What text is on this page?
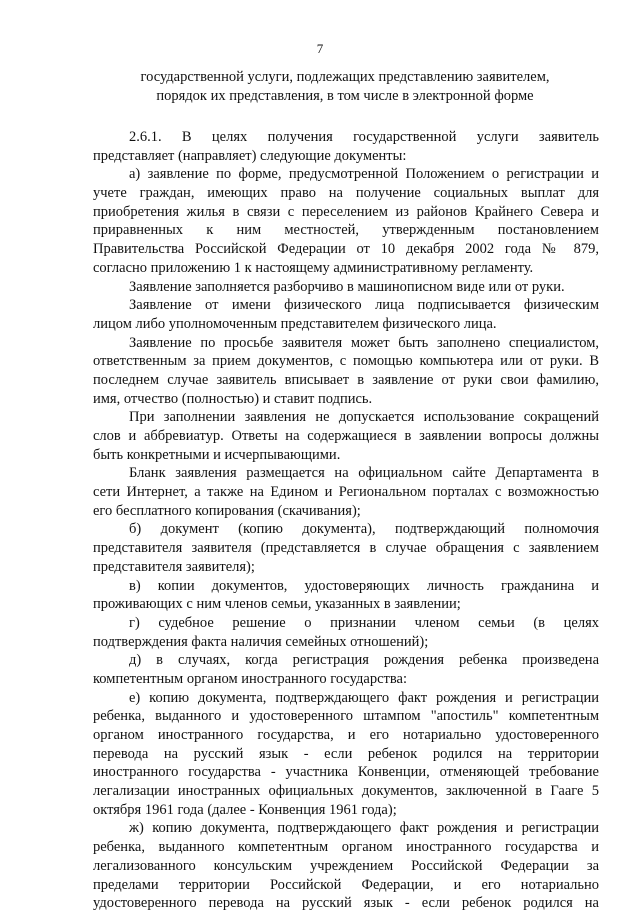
7
государственной услуги, подлежащих представлению заявителем,
порядок их представления, в том числе в электронной форме
2.6.1. В целях получения государственной услуги заявитель
представляет (направляет) следующие документы:
а) заявление по форме, предусмотренной Положением о регистрации и
учете граждан, имеющих право на получение социальных выплат для
приобретения жилья в связи с переселением из районов Крайнего Севера и
приравненных к ним местностей, утвержденным постановлением
Правительства Российской Федерации от 10 декабря 2002 года № 879,
согласно приложению 1 к настоящему административному регламенту.
Заявление заполняется разборчиво в машинописном виде или от руки.
Заявление от имени физического лица подписывается физическим
лицом либо уполномоченным представителем физического лица.
Заявление по просьбе заявителя может быть заполнено специалистом,
ответственным за прием документов, с помощью компьютера или от руки. В
последнем случае заявитель вписывает в заявление от руки свои фамилию,
имя, отчество (полностью) и ставит подпись.
При заполнении заявления не допускается использование сокращений
слов и аббревиатур. Ответы на содержащиеся в заявлении вопросы должны
быть конкретными и исчерпывающими.
Бланк заявления размещается на официальном сайте Департамента в
сети Интернет, а также на Едином и Региональном порталах с возможностью
его бесплатного копирования (скачивания);
б) документ (копию документа), подтверждающий полномочия
представителя заявителя (представляется в случае обращения с заявлением
представителя заявителя);
в) копии документов, удостоверяющих личность гражданина и
проживающих с ним членов семьи, указанных в заявлении;
г) судебное решение о признании членом семьи (в целях
подтверждения факта наличия семейных отношений);
д) в случаях, когда регистрация рождения ребенка произведена
компетентным органом иностранного государства:
е) копию документа, подтверждающего факт рождения и регистрации
ребенка, выданного и удостоверенного штампом "апостиль" компетентным
органом иностранного государства, и его нотариально удостоверенного
перевода на русский язык - если ребенок родился на территории
иностранного государства - участника Конвенции, отменяющей требование
легализации иностранных официальных документов, заключенной в Гааге 5
октября 1961 года (далее - Конвенция 1961 года);
ж) копию документа, подтверждающего факт рождения и регистрации
ребенка, выданного компетентным органом иностранного государства и
легализованного консульским учреждением Российской Федерации за
пределами территории Российской Федерации, и его нотариально
удостоверенного перевода на русский язык - если ребенок родился на
